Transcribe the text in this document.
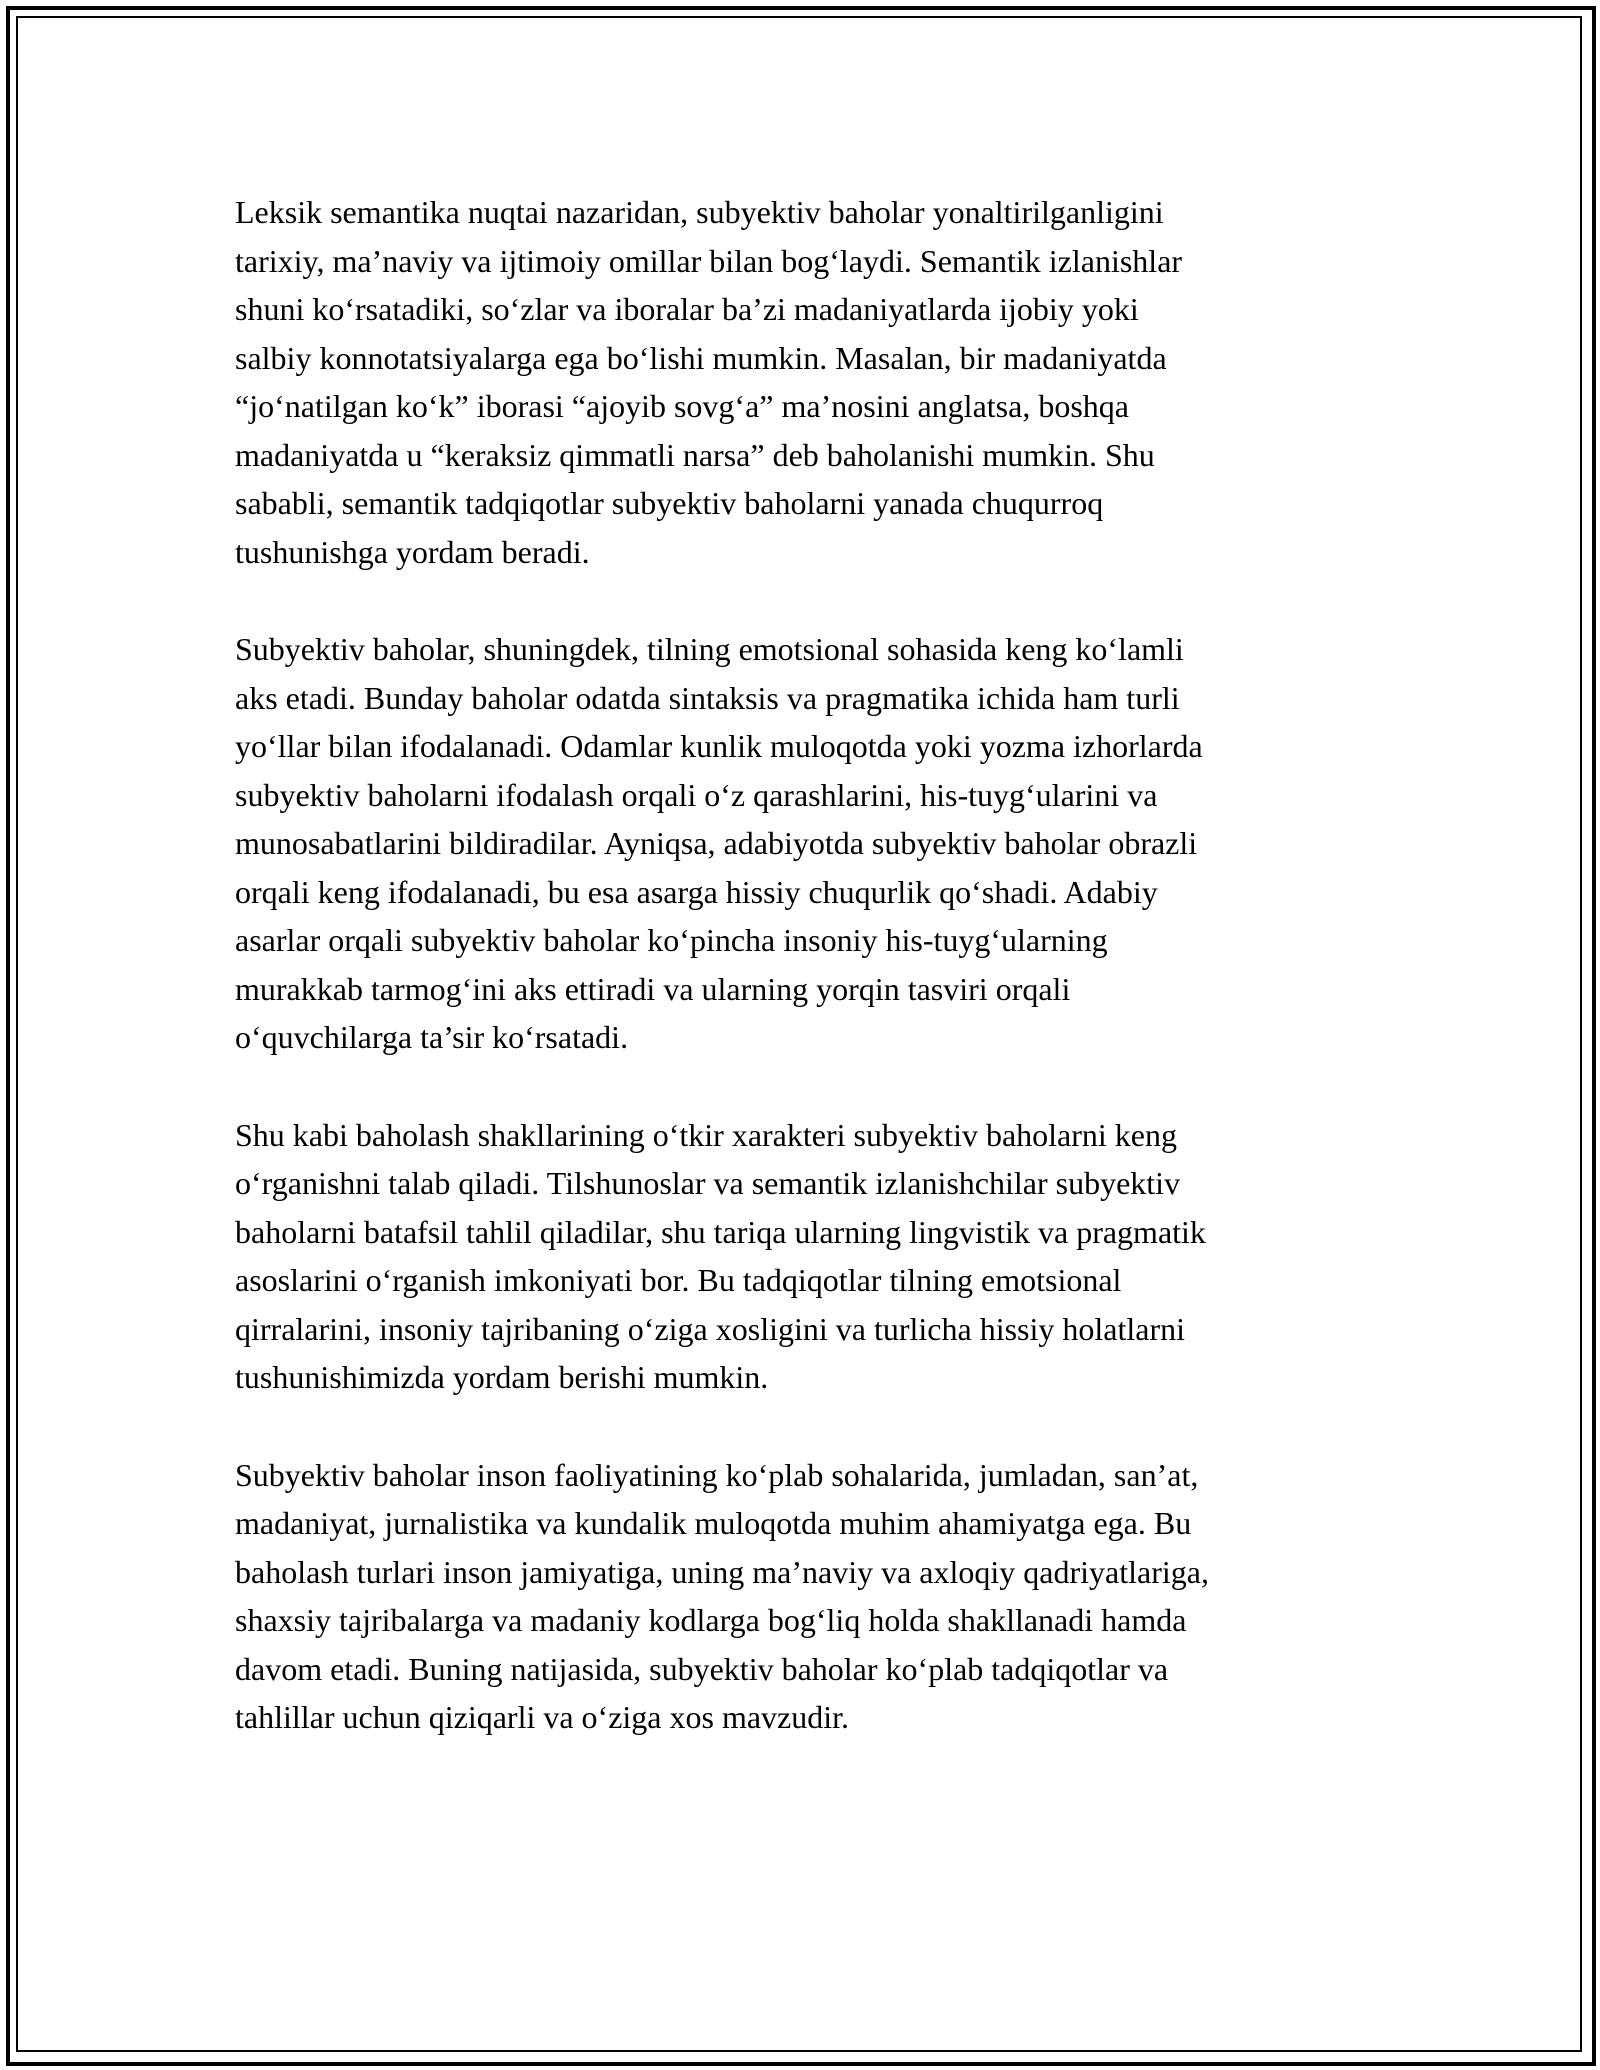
Leksik semantika nuqtai nazaridan, subyektiv baholar yonaltirilganligini
tarixiy, ma’naviy va ijtimoiy omillar bilan bog‘laydi. Semantik izlanishlar
shuni ko‘rsatadiki, so‘zlar va iboralar ba’zi madaniyatlarda ijobiy yoki
salbiy konnotatsiyalarga ega bo‘lishi mumkin. Masalan, bir madaniyatda
“jo‘natilgan ko‘k” iborasi “ajoyib sovg‘a” ma’nosini anglatsa, boshqa
madaniyatda u “keraksiz qimmatli narsa” deb baholanishi mumkin. Shu
sababli, semantik tadqiqotlar subyektiv baholarni yanada chuqurroq
tushunishga yordam beradi.

Subyektiv baholar, shuningdek, tilning emotsional sohasida keng ko‘lamli
aks etadi. Bunday baholar odatda sintaksis va pragmatika ichida ham turli
yo‘llar bilan ifodalanadi. Odamlar kunlik muloqotda yoki yozma izhorlarda
subyektiv baholarni ifodalash orqali o‘z qarashlarini, his-tuyg‘ularini va
munosabatlarini bildiradilar. Ayniqsa, adabiyotda subyektiv baholar obrazli
orqali keng ifodalanadi, bu esa asarga hissiy chuqurlik qo‘shadi. Adabiy
asarlar orqali subyektiv baholar ko‘pincha insoniy his-tuyg‘ularning
murakkab tarmog‘ini aks ettiradi va ularning yorqin tasviri orqali
o‘quvchilarga ta’sir ko‘rsatadi.

Shu kabi baholash shakllarining o‘tkir xarakteri subyektiv baholarni keng
o‘rganishni talab qiladi. Tilshunoslar va semantik izlanishchilar subyektiv
baholarni batafsil tahlil qiladilar, shu tariqa ularning lingvistik va pragmatik
asoslarini o‘rganish imkoniyati bor. Bu tadqiqotlar tilning emotsional
qirralarini, insoniy tajribaning o‘ziga xosligini va turlicha hissiy holatlarni
tushunishimizda yordam berishi mumkin.

Subyektiv baholar inson faoliyatining ko‘plab sohalarida, jumladan, san’at,
madaniyat, jurnalistika va kundalik muloqotda muhim ahamiyatga ega. Bu
baholash turlari inson jamiyatiga, uning ma’naviy va axloqiy qadriyatlariga,
shaxsiy tajribalarga va madaniy kodlarga bog‘liq holda shakllanadi hamda
davom etadi. Buning natijasida, subyektiv baholar ko‘plab tadqiqotlar va
tahlillar uchun qiziqarli va o‘ziga xos mavzudir.
